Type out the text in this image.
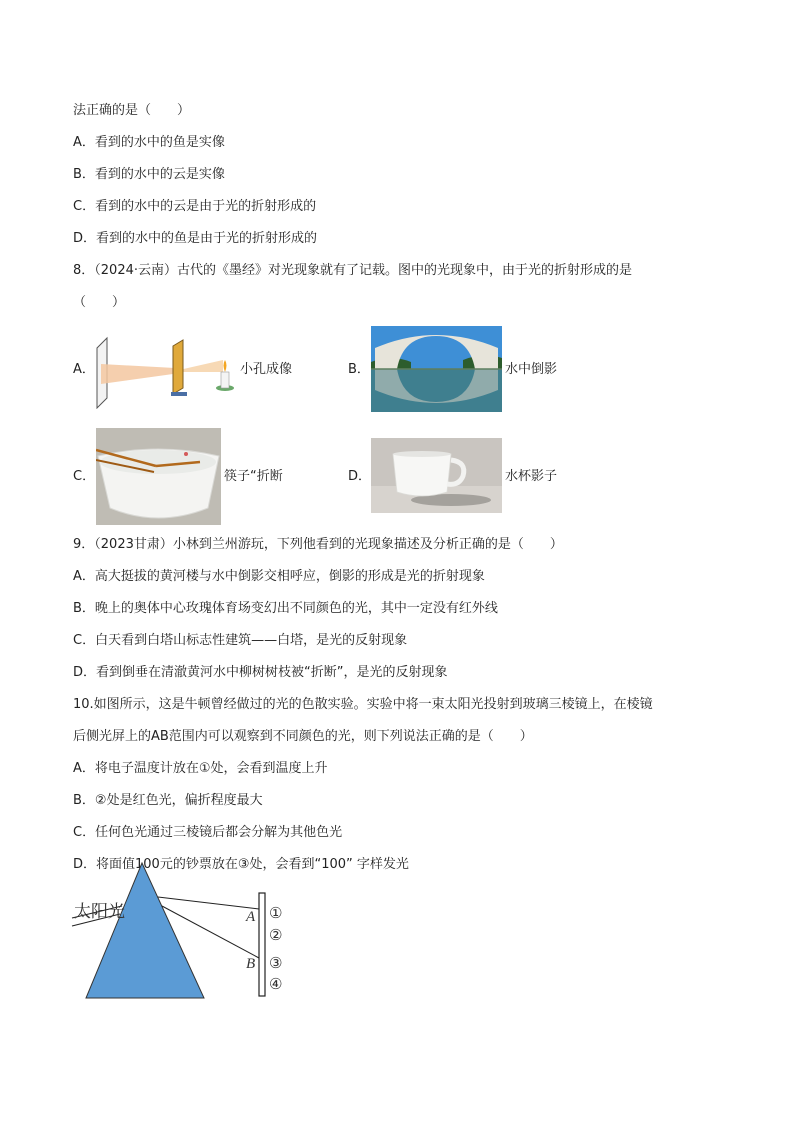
法正确的是（　　）
A．看到的水中的鱼是实像
B．看到的水中的云是实像
C．看到的水中的云是由于光的折射形成的
D．看到的水中的鱼是由于光的折射形成的
8．（2024·云南）古代的《墨经》对光现象就有了记载。图中的光现象中，由于光的折射形成的是
（　　）
A．	小孔成像	B．	水中倒影
C．	筷子“折断	D．	水杯影子
9．（2023甘肃）小林到兰州游玩，下列他看到的光现象描述及分析正确的是（　　）
A．高大挺拔的黄河楼与水中倒影交相呼应，倒影的形成是光的折射现象
B．晚上的奥体中心玫瑰体育场变幻出不同颜色的光，其中一定没有红外线
C．白天看到白塔山标志性建筑——白塔，是光的反射现象
D．看到倒垂在清澈黄河水中柳树树枝被“折断”，是光的反射现象
10.如图所示，这是牛顿曾经做过的光的色散实验。实验中将一束太阳光投射到玻璃三棱镜上，在棱镜
后侧光屏上的AB范围内可以观察到不同颜色的光，则下列说法正确的是（　　）
A．将电子温度计放在①处，会看到温度上升
B．②处是红色光，偏折程度最大
C．任何色光通过三棱镜后都会分解为其他色光
D．将面值100元的钞票放在③处，会看到“100” 字样发光
太阳光	A
B
①
②
③
④
